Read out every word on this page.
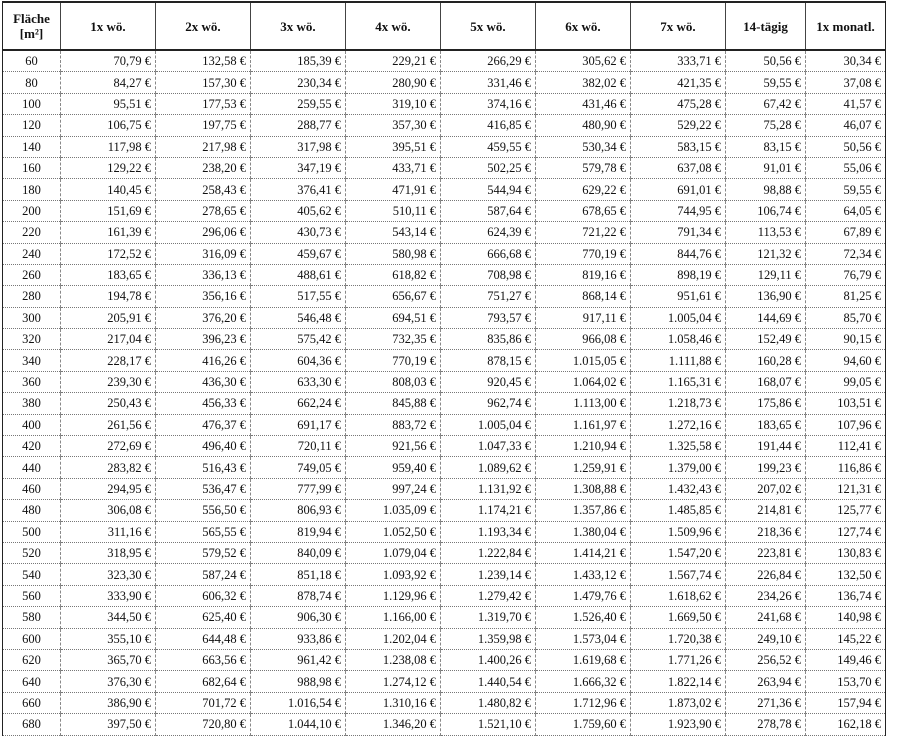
Fläche
[m²]	1x wö.	2x wö.	3x wö.	4x wö.	5x wö.	6x wö.	7x wö.	14-tägig	1x monatl.
60	70,79 €	132,58 €	185,39 €	229,21 €	266,29 €	305,62 €	333,71 €	50,56 €	30,34 €
80	84,27 €	157,30 €	230,34 €	280,90 €	331,46 €	382,02 €	421,35 €	59,55 €	37,08 €
100	95,51 €	177,53 €	259,55 €	319,10 €	374,16 €	431,46 €	475,28 €	67,42 €	41,57 €
120	106,75 €	197,75 €	288,77 €	357,30 €	416,85 €	480,90 €	529,22 €	75,28 €	46,07 €
140	117,98 €	217,98 €	317,98 €	395,51 €	459,55 €	530,34 €	583,15 €	83,15 €	50,56 €
160	129,22 €	238,20 €	347,19 €	433,71 €	502,25 €	579,78 €	637,08 €	91,01 €	55,06 €
180	140,45 €	258,43 €	376,41 €	471,91 €	544,94 €	629,22 €	691,01 €	98,88 €	59,55 €
200	151,69 €	278,65 €	405,62 €	510,11 €	587,64 €	678,65 €	744,95 €	106,74 €	64,05 €
220	161,39 €	296,06 €	430,73 €	543,14 €	624,39 €	721,22 €	791,34 €	113,53 €	67,89 €
240	172,52 €	316,09 €	459,67 €	580,98 €	666,68 €	770,19 €	844,76 €	121,32 €	72,34 €
260	183,65 €	336,13 €	488,61 €	618,82 €	708,98 €	819,16 €	898,19 €	129,11 €	76,79 €
280	194,78 €	356,16 €	517,55 €	656,67 €	751,27 €	868,14 €	951,61 €	136,90 €	81,25 €
300	205,91 €	376,20 €	546,48 €	694,51 €	793,57 €	917,11 €	1.005,04 €	144,69 €	85,70 €
320	217,04 €	396,23 €	575,42 €	732,35 €	835,86 €	966,08 €	1.058,46 €	152,49 €	90,15 €
340	228,17 €	416,26 €	604,36 €	770,19 €	878,15 €	1.015,05 €	1.111,88 €	160,28 €	94,60 €
360	239,30 €	436,30 €	633,30 €	808,03 €	920,45 €	1.064,02 €	1.165,31 €	168,07 €	99,05 €
380	250,43 €	456,33 €	662,24 €	845,88 €	962,74 €	1.113,00 €	1.218,73 €	175,86 €	103,51 €
400	261,56 €	476,37 €	691,17 €	883,72 €	1.005,04 €	1.161,97 €	1.272,16 €	183,65 €	107,96 €
420	272,69 €	496,40 €	720,11 €	921,56 €	1.047,33 €	1.210,94 €	1.325,58 €	191,44 €	112,41 €
440	283,82 €	516,43 €	749,05 €	959,40 €	1.089,62 €	1.259,91 €	1.379,00 €	199,23 €	116,86 €
460	294,95 €	536,47 €	777,99 €	997,24 €	1.131,92 €	1.308,88 €	1.432,43 €	207,02 €	121,31 €
480	306,08 €	556,50 €	806,93 €	1.035,09 €	1.174,21 €	1.357,86 €	1.485,85 €	214,81 €	125,77 €
500	311,16 €	565,55 €	819,94 €	1.052,50 €	1.193,34 €	1.380,04 €	1.509,96 €	218,36 €	127,74 €
520	318,95 €	579,52 €	840,09 €	1.079,04 €	1.222,84 €	1.414,21 €	1.547,20 €	223,81 €	130,83 €
540	323,30 €	587,24 €	851,18 €	1.093,92 €	1.239,14 €	1.433,12 €	1.567,74 €	226,84 €	132,50 €
560	333,90 €	606,32 €	878,74 €	1.129,96 €	1.279,42 €	1.479,76 €	1.618,62 €	234,26 €	136,74 €
580	344,50 €	625,40 €	906,30 €	1.166,00 €	1.319,70 €	1.526,40 €	1.669,50 €	241,68 €	140,98 €
600	355,10 €	644,48 €	933,86 €	1.202,04 €	1.359,98 €	1.573,04 €	1.720,38 €	249,10 €	145,22 €
620	365,70 €	663,56 €	961,42 €	1.238,08 €	1.400,26 €	1.619,68 €	1.771,26 €	256,52 €	149,46 €
640	376,30 €	682,64 €	988,98 €	1.274,12 €	1.440,54 €	1.666,32 €	1.822,14 €	263,94 €	153,70 €
660	386,90 €	701,72 €	1.016,54 €	1.310,16 €	1.480,82 €	1.712,96 €	1.873,02 €	271,36 €	157,94 €
680	397,50 €	720,80 €	1.044,10 €	1.346,20 €	1.521,10 €	1.759,60 €	1.923,90 €	278,78 €	162,18 €
